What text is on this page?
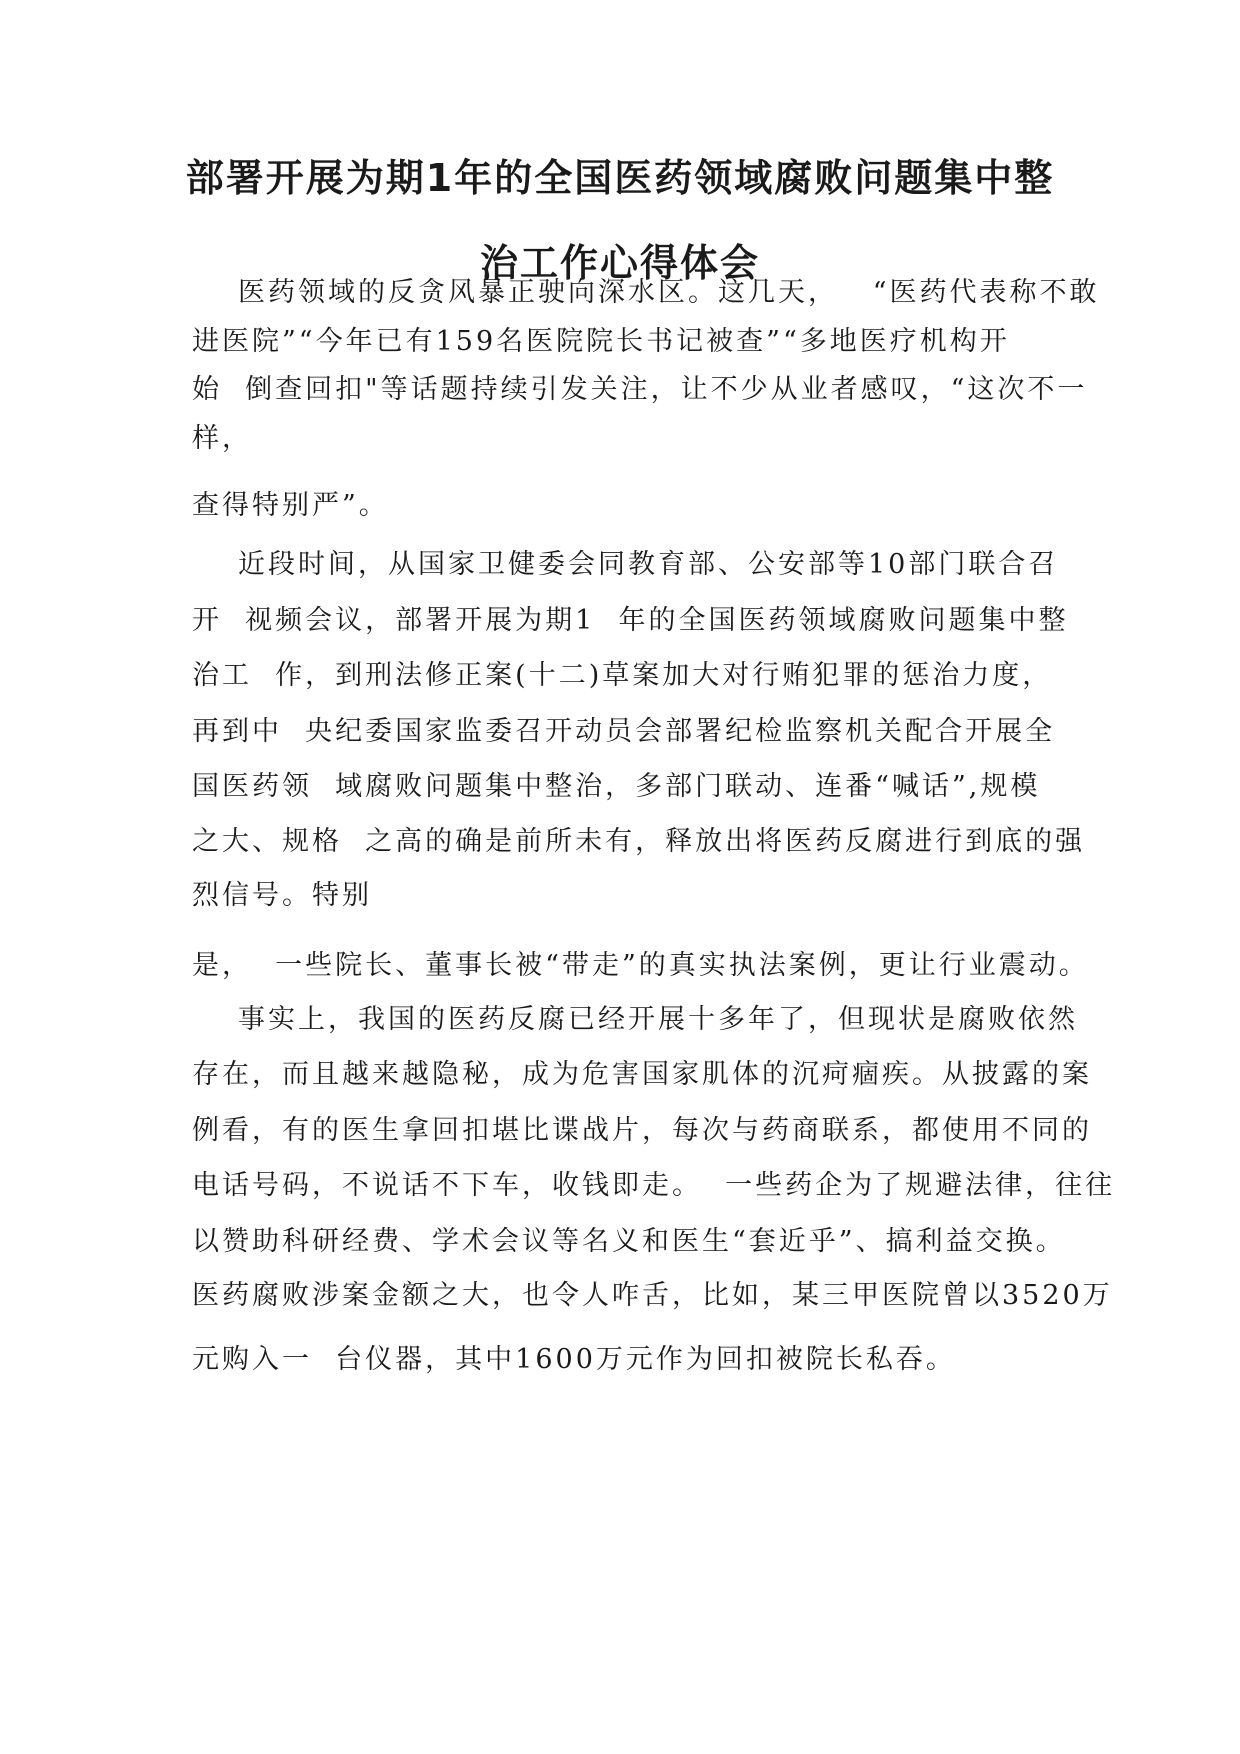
部署开展为期1年的全国医药领域腐败问题集中整
治工作心得体会

医药领域的反贪风暴正驶向深水区。这几天，   “医药代表称不敢

进医院”“今年已有159名医院院长书记被查”“多地医疗机构开

始  倒查回扣"等话题持续引发关注，让不少从业者感叹，“这次不一

样，

查得特别严”。

近段时间，从国家卫健委会同教育部、公安部等10部门联合召

开  视频会议，部署开展为期1  年的全国医药领域腐败问题集中整

治工  作，到刑法修正案(十二)草案加大对行贿犯罪的惩治力度，

再到中  央纪委国家监委召开动员会部署纪检监察机关配合开展全

国医药领  域腐败问题集中整治，多部门联动、连番“喊话”,规模

之大、规格  之高的确是前所未有，释放出将医药反腐进行到底的强

烈信号。特别

是，  一些院长、董事长被“带走”的真实执法案例，更让行业震动。

事实上，我国的医药反腐已经开展十多年了，但现状是腐败依然

存在，而且越来越隐秘，成为危害国家肌体的沉疴痼疾。从披露的案

例看，有的医生拿回扣堪比谍战片，每次与药商联系，都使用不同的

电话号码，不说话不下车，收钱即走。  一些药企为了规避法律，往往

以赞助科研经费、学术会议等名义和医生“套近乎”、搞利益交换。

医药腐败涉案金额之大，也令人咋舌，比如，某三甲医院曾以3520万

元购入一  台仪器，其中1600万元作为回扣被院长私吞。
